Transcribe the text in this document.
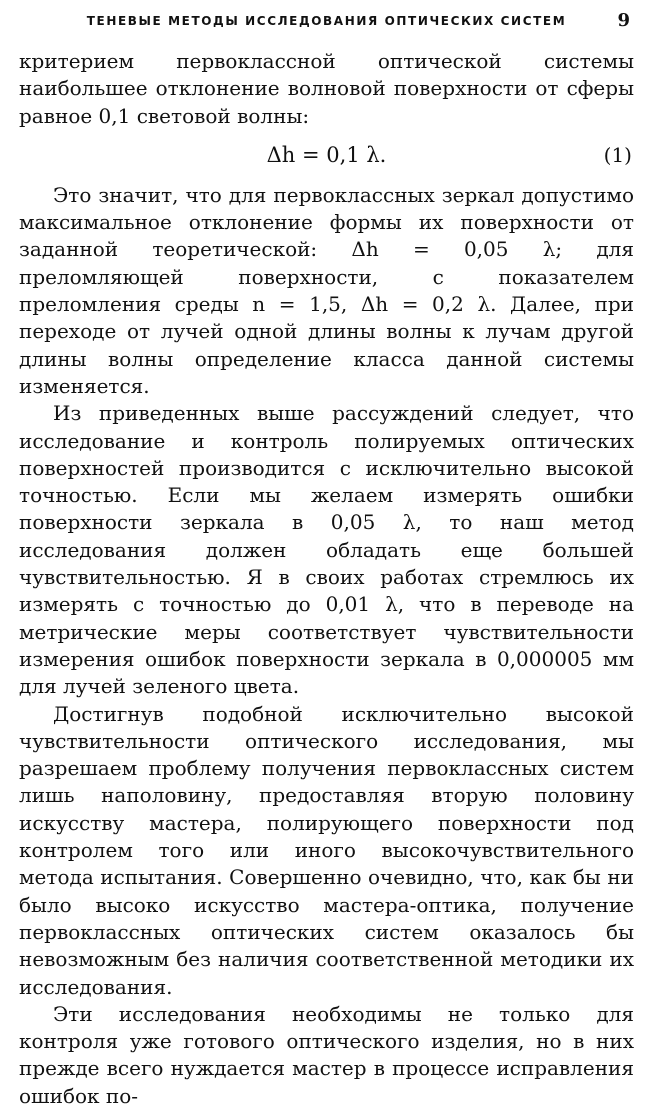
ТЕНЕВЫЕ МЕТОДЫ ИССЛЕДОВАНИЯ ОПТИЧЕСКИХ СИСТЕМ	9

критерием первоклассной оптической системы наибольшее отклонение волновой поверхности от сферы равное 0,1 световой волны:

Δh = 0,1 λ.	(1)

Это значит, что для первоклассных зеркал допустимо максимальное отклонение формы их поверхности от заданной теоретической: Δh = 0,05 λ; для преломляющей поверхности, с показателем преломления среды n = 1,5, Δh = 0,2 λ. Далее, при переходе от лучей одной длины волны к лучам другой длины волны определение класса данной системы изменяется.

Из приведенных выше рассуждений следует, что исследование и контроль полируемых оптических поверхностей производится с исключительно высокой точностью. Если мы желаем измерять ошибки поверхности зеркала в 0,05 λ, то наш метод исследования должен обладать еще большей чувствительностью. Я в своих работах стремлюсь их измерять с точностью до 0,01 λ, что в переводе на метрические меры соответствует чувствительности измерения ошибок поверхности зеркала в 0,000005 мм для лучей зеленого цвета.

Достигнув подобной исключительно высокой чувствительности оптического исследования, мы разрешаем проблему получения первоклассных систем лишь наполовину, предоставляя вторую половину искусству мастера, полирующего поверхности под контролем того или иного высокочувствительного метода испытания. Совершенно очевидно, что, как бы ни было высоко искусство мастера-оптика, получение первоклассных оптических систем оказалось бы невозможным без наличия соответственной методики их исследования.

Эти исследования необходимы не только для контроля уже готового оптического изделия, но в них прежде всего нуждается мастер в процессе исправления ошибок по-
